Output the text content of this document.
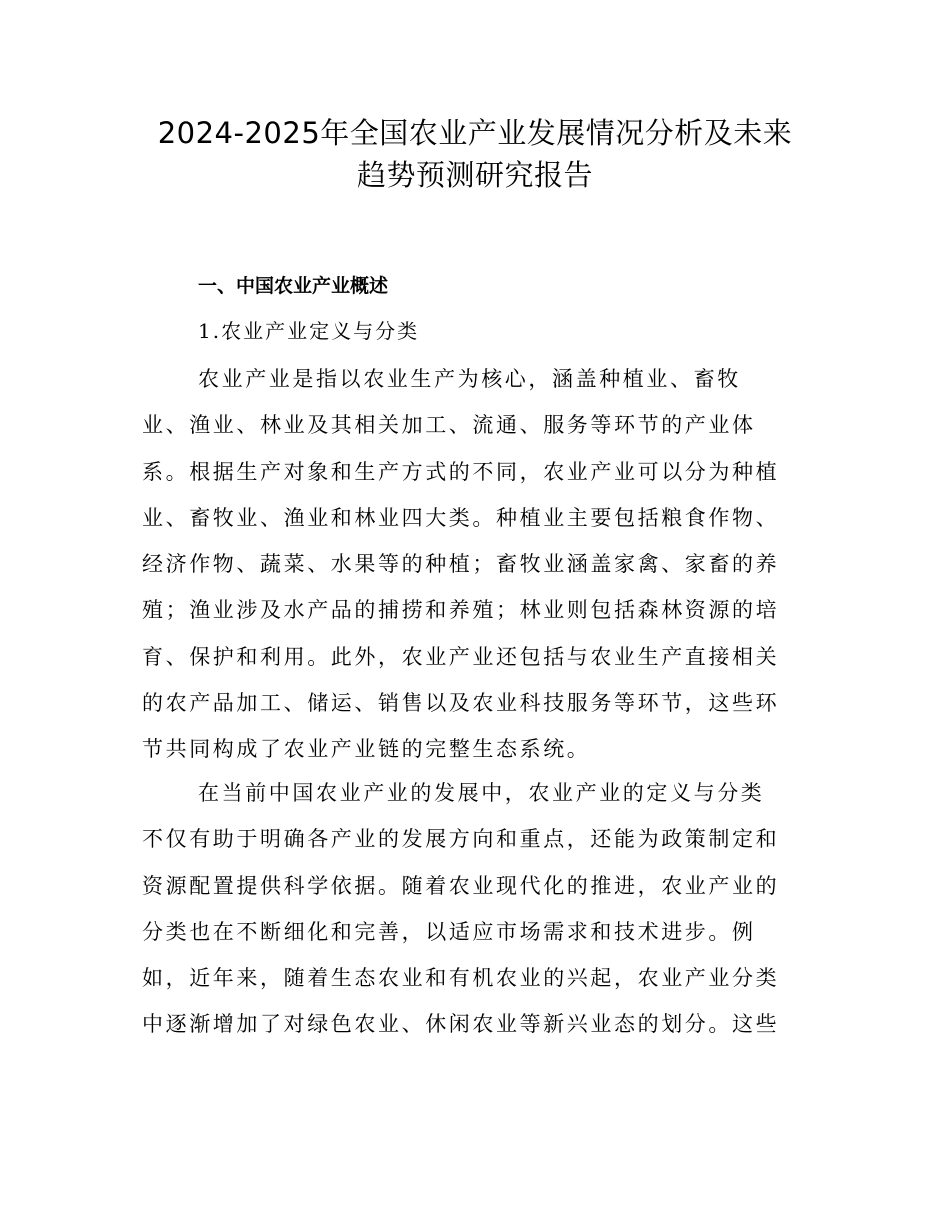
2024-2025年全国农业产业发展情况分析及未来
趋势预测研究报告
一、中国农业产业概述
1.农业产业定义与分类
农业产业是指以农业生产为核心，涵盖种植业、畜牧
业、渔业、林业及其相关加工、流通、服务等环节的产业体
系。根据生产对象和生产方式的不同，农业产业可以分为种植
业、畜牧业、渔业和林业四大类。种植业主要包括粮食作物、
经济作物、蔬菜、水果等的种植；畜牧业涵盖家禽、家畜的养
殖；渔业涉及水产品的捕捞和养殖；林业则包括森林资源的培
育、保护和利用。此外，农业产业还包括与农业生产直接相关
的农产品加工、储运、销售以及农业科技服务等环节，这些环
节共同构成了农业产业链的完整生态系统。
在当前中国农业产业的发展中，农业产业的定义与分类
不仅有助于明确各产业的发展方向和重点，还能为政策制定和
资源配置提供科学依据。随着农业现代化的推进，农业产业的
分类也在不断细化和完善，以适应市场需求和技术进步。例
如，近年来，随着生态农业和有机农业的兴起，农业产业分类
中逐渐增加了对绿色农业、休闲农业等新兴业态的划分。这些
